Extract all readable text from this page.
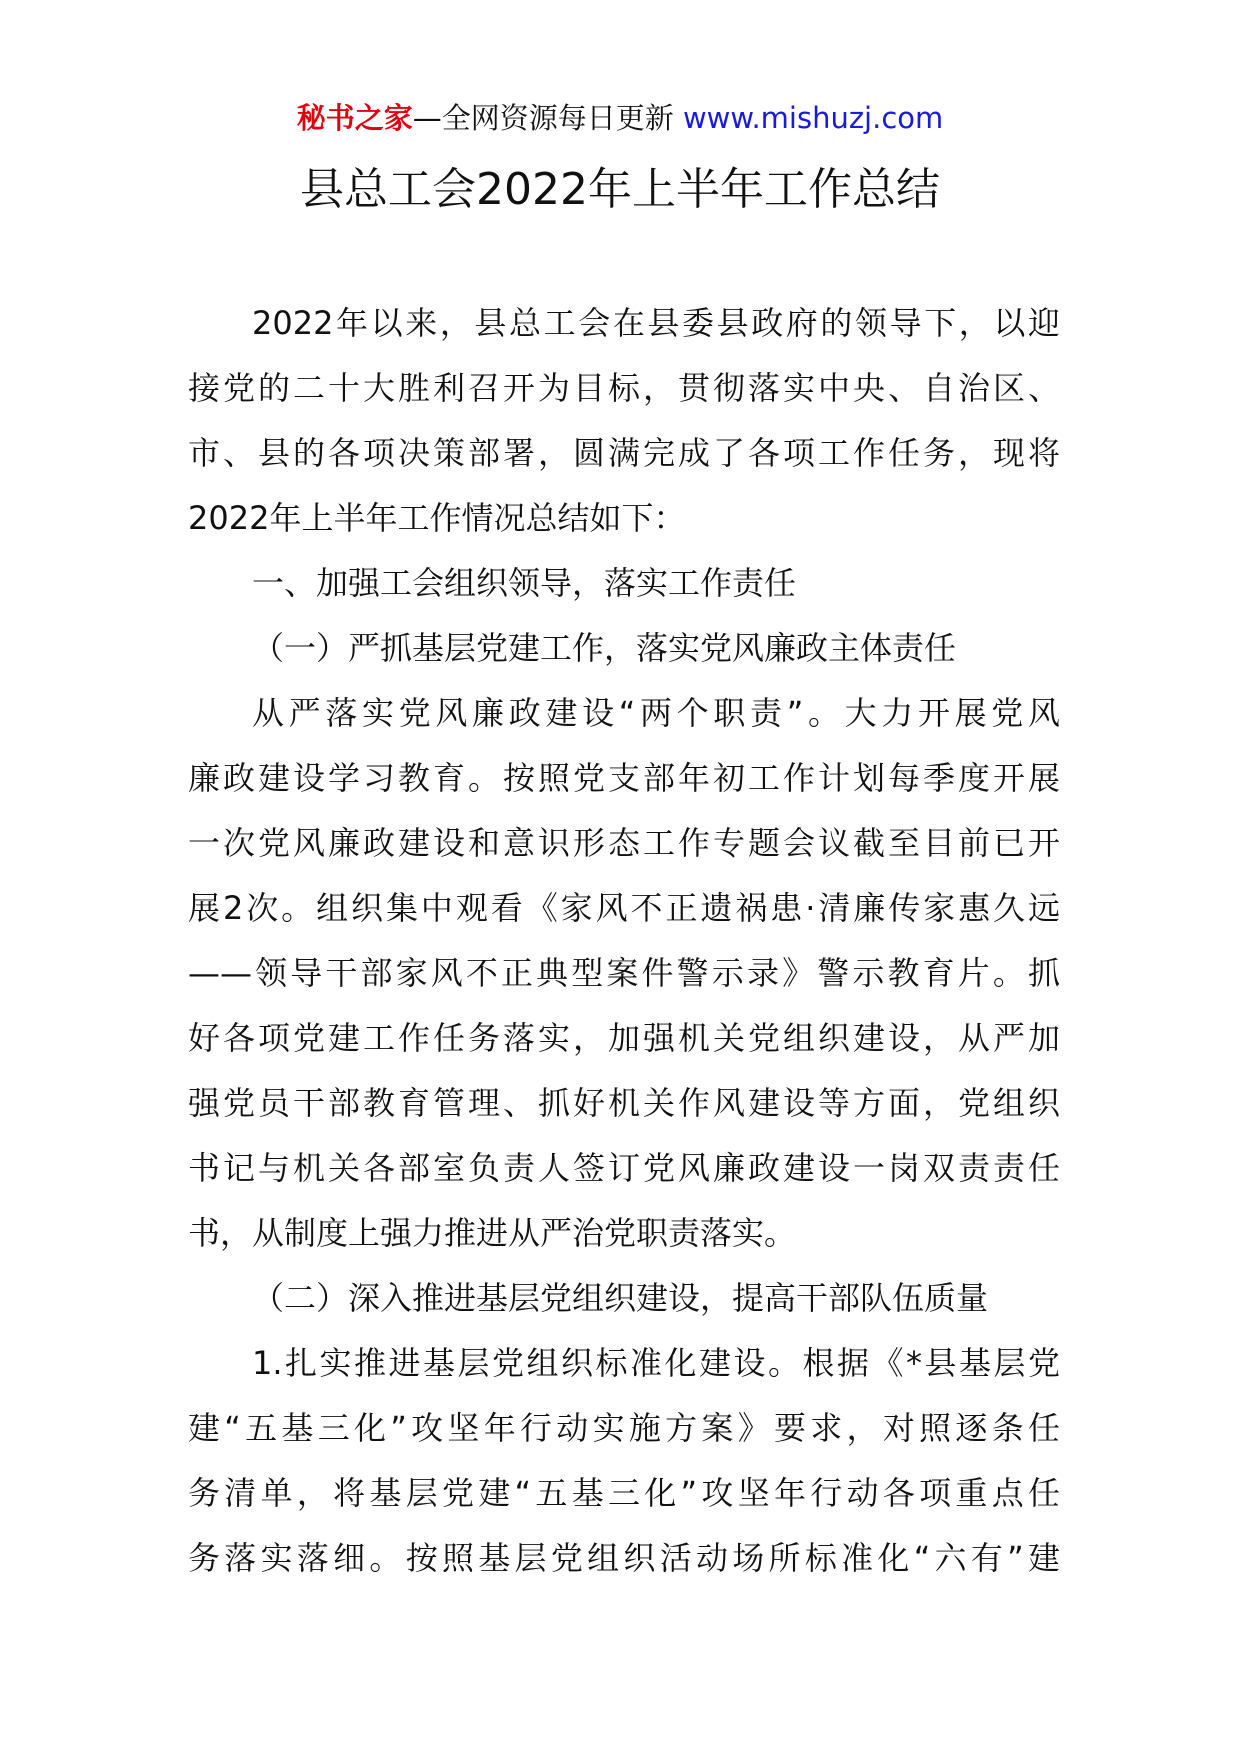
秘书之家—全网资源每日更新 www.mishuzj.com
县总工会2022年上半年工作总结
2022年以来，县总工会在县委县政府的领导下，以迎
接党的二十大胜利召开为目标，贯彻落实中央、自治区、
市、县的各项决策部署，圆满完成了各项工作任务，现将
2022年上半年工作情况总结如下：
一、加强工会组织领导，落实工作责任
（一）严抓基层党建工作，落实党风廉政主体责任
从严落实党风廉政建设“两个职责”。大力开展党风
廉政建设学习教育。按照党支部年初工作计划每季度开展
一次党风廉政建设和意识形态工作专题会议截至目前已开
展2次。组织集中观看《家风不正遗祸患·清廉传家惠久远
——领导干部家风不正典型案件警示录》警示教育片。抓
好各项党建工作任务落实，加强机关党组织建设，从严加
强党员干部教育管理、抓好机关作风建设等方面，党组织
书记与机关各部室负责人签订党风廉政建设一岗双责责任
书，从制度上强力推进从严治党职责落实。
（二）深入推进基层党组织建设，提高干部队伍质量
1.扎实推进基层党组织标准化建设。根据《*县基层党
建“五基三化”攻坚年行动实施方案》要求，对照逐条任
务清单，将基层党建“五基三化”攻坚年行动各项重点任
务落实落细。按照基层党组织活动场所标准化“六有”建
